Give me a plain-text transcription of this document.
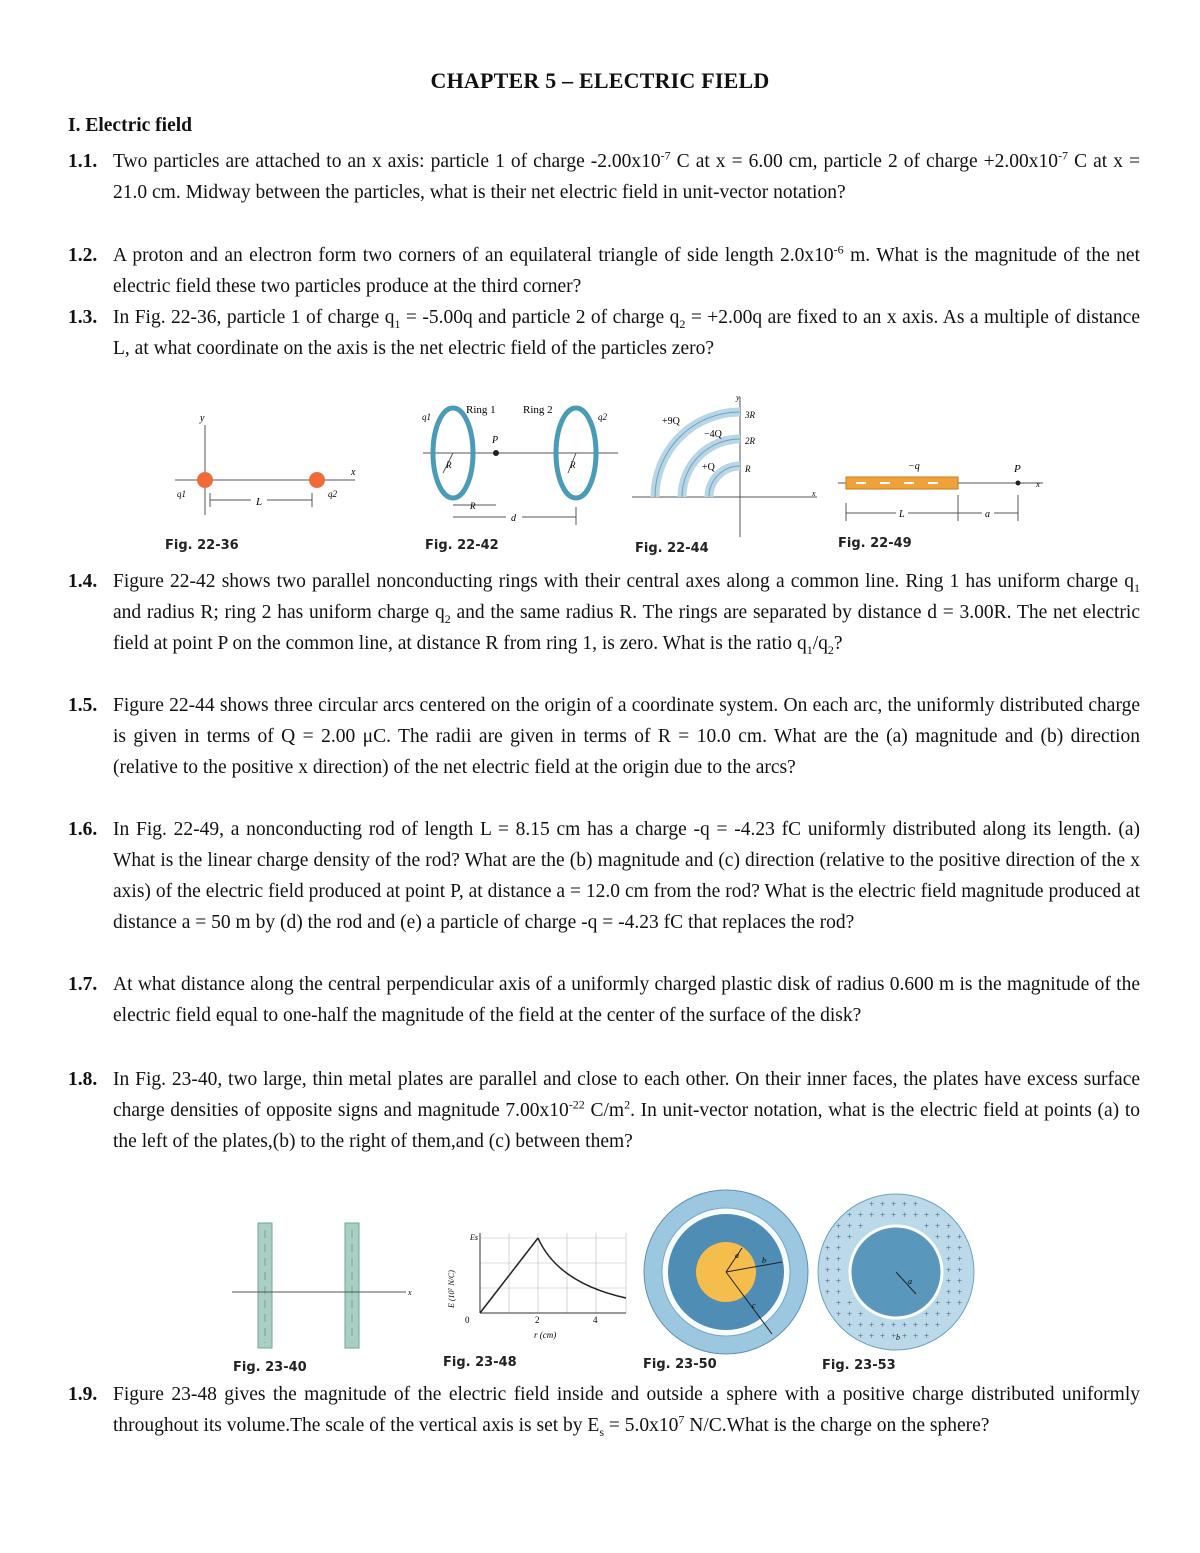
CHAPTER 5 – ELECTRIC FIELD
I. Electric field
1.1. Two particles are attached to an x axis: particle 1 of charge $-2.00x10^{-7}$ C at x = 6.00 cm, particle 2 of charge $+2.00x10^{-7}$ C at x = 21.0 cm. Midway between the particles, what is their net electric field in unit-vector notation?
1.2. A proton and an electron form two corners of an equilateral triangle of side length $2.0x10^{-6}$ m. What is the magnitude of the net electric field these two particles produce at the third corner?
1.3. In Fig. 22-36, particle 1 of charge $q_1 = -5.00q$ and particle 2 of charge $q_2 = +2.00q$ are fixed to an x axis. As a multiple of distance L, at what coordinate on the axis is the net electric field of the particles zero?
L
y
x
q1	q2
Fig. 22-36
Ring 1 Ring 2
q1	q2
P
R	R
R
d
Fig. 22-42
+9Q
−4Q
+Q
3R
2R
R
y
x
Fig. 22-44
−q	P
x
L	a
Fig. 22-49
1.4. Figure 22-42 shows two parallel nonconducting rings with their central axes along a common line. Ring 1 has uniform charge $q_1$ and radius R; ring 2 has uniform charge $q_2$ and the same radius R. The rings are separated by distance d = 3.00R. The net electric field at point P on the common line, at distance R from ring 1, is zero. What is the ratio $q_1/q_2$?
1.5. Figure 22-44 shows three circular arcs centered on the origin of a coordinate system. On each arc, the uniformly distributed charge is given in terms of Q = 2.00 μC. The radii are given in terms of R = 10.0 cm. What are the (a) magnitude and (b) direction (relative to the positive x direction) of the net electric field at the origin due to the arcs?
1.6. In Fig. 22-49, a nonconducting rod of length L = 8.15 cm has a charge -q = -4.23 fC uniformly distributed along its length. (a) What is the linear charge density of the rod? What are the (b) magnitude and (c) direction (relative to the positive direction of the x axis) of the electric field produced at point P, at distance a = 12.0 cm from the rod? What is the electric field magnitude produced at distance a = 50 m by (d) the rod and (e) a particle of charge -q = -4.23 fC that replaces the rod?
1.7. At what distance along the central perpendicular axis of a uniformly charged plastic disk of radius 0.600 m is the magnitude of the electric field equal to one-half the magnitude of the field at the center of the surface of the disk?
1.8. In Fig. 23-40, two large, thin metal plates are parallel and close to each other. On their inner faces, the plates have excess surface charge densities of opposite signs and magnitude $7.00x10^{-22}$ $C/m^2$. In unit-vector notation, what is the electric field at points (a) to the left of the plates,(b) to the right of them,and (c) between them?
x
Fig. 23-40
Es
0	2	4
r (cm)
E (10⁷ N/C)
Fig. 23-48
a
b
c
Fig. 23-50
+
+
+
+
+
+
+
+
+
+
+
+
+
+
+
+
+
+
+
+
+
+
+
+
+
+
+
+
+
+
+
+
+
+
+
+
+
+
+
+
+
+
+
+
+
+
+
+
+
+
+
+
+
+
+
+
+
+
+
+
+
+
+
+
+
+
+
+
+
+
+
+
a
b
Fig. 23-53
1.9. Figure 23-48 gives the magnitude of the electric field inside and outside a sphere with a positive charge distributed uniformly throughout its volume.The scale of the vertical axis is set by $E_s = 5.0x10^7$ N/C.What is the charge on the sphere?
